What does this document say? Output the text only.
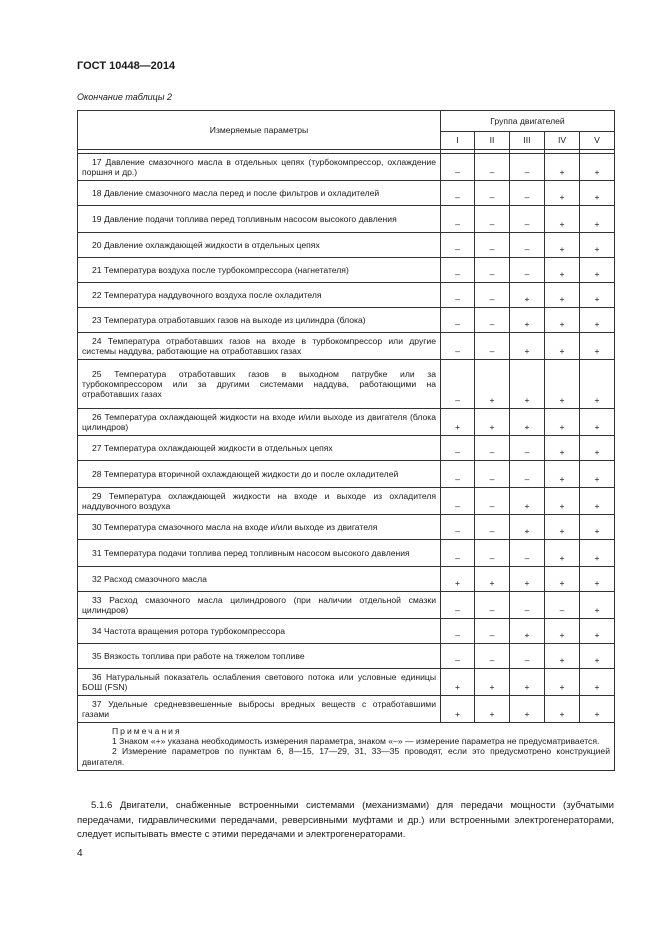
ГОСТ 10448—2014
Окончание таблицы 2
Измеряемые параметры	Группа двигателей				
	I	II	III	IV	V

17 Давление смазочного масла в отдельных цепях (турбокомпрессор, охлаждение поршня и др.)	–	–	–	+	+

18 Давление смазочного масла перед и после фильтров и охладителей	–	–	–	+	+

19 Давление подачи топлива перед топливным насосом высокого давления	–	–	–	+	+

20 Давление охлаждающей жидкости в отдельных цепях	–	–	–	+	+

21 Температура воздуха после турбокомпрессора (нагнетателя)	–	–	–	+	+

22 Температура наддувочного воздуха после охладителя	–	–	+	+	+

23 Температура отработавших газов на выходе из цилиндра (блока)	–	–	+	+	+

24 Температура отработавших газов на входе в турбокомпрессор или другие системы наддува, работающие на отработавших газах	–	–	+	+	+

25 Температура отработавших газов в выходном патрубке или за турбокомпрессором или за другими системами наддува, работающими на отработавших газах	–	+	+	+	+

26 Температура охлаждающей жидкости на входе и/или выходе из двигателя (блока цилиндров)	+	+	+	+	+

27 Температура охлаждающей жидкости в отдельных цепях	–	–	–	+	+

28 Температура вторичной охлаждающей жидкости до и после охладителей	–	–	–	+	+

29 Температура охлаждающей жидкости на входе и выходе из охладителя наддувочного воздуха	–	–	+	+	+

30 Температура смазочного масла на входе и/или выходе из двигателя	–	–	+	+	+

31 Температура подачи топлива перед топливным насосом высокого давления	–	–	–	+	+

32 Расход смазочного масла	+	+	+	+	+

33 Расход смазочного масла цилиндрового (при наличии отдельной смазки цилиндров)	–	–	–	–	+

34 Частота вращения ротора турбокомпрессора	–	–	+	+	+

35 Вязкость топлива при работе на тяжелом топливе	–	–	–	+	+

36 Натуральный показатель ослабления светового потока или условные единицы БОШ (FSN)	+	+	+	+	+

37 Удельные средневзвешенные выбросы вредных веществ с отработавшими газами	+	+	+	+	+

Примечания
1 Знаком «+» указана необходимость измерения параметра, знаком «–» — измерение параметра не предусматривается.
2 Измерение параметров по пунктам 6, 8—15, 17—29, 31, 33—35 проводят, если это предусмотрено конструкцией двигателя.					
5.1.6 Двигатели, снабженные встроенными системами (механизмами) для передачи мощности (зубчатыми передачами, гидравлическими передачами, реверсивными муфтами и др.) или встроенными электрогенераторами, следует испытывать вместе с этими передачами и электрогенераторами.
4
